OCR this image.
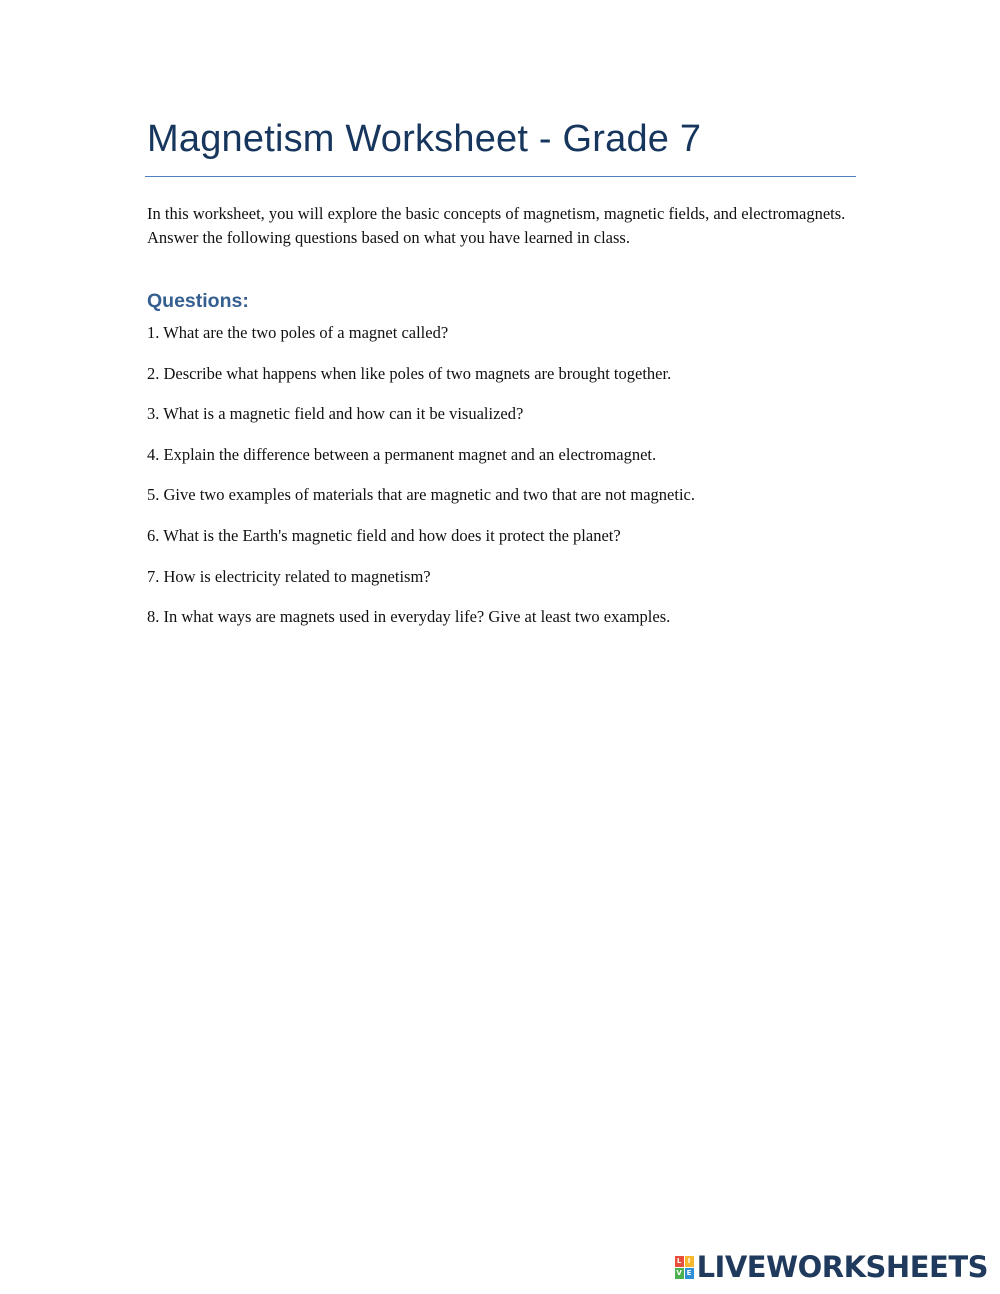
Magnetism Worksheet - Grade 7

In this worksheet, you will explore the basic concepts of magnetism, magnetic fields, and electromagnets. Answer the following questions based on what you have learned in class.

Questions:
1. What are the two poles of a magnet called?
2. Describe what happens when like poles of two magnets are brought together.
3. What is a magnetic field and how can it be visualized?
4. Explain the difference between a permanent magnet and an electromagnet.
5. Give two examples of materials that are magnetic and two that are not magnetic.
6. What is the Earth's magnetic field and how does it protect the planet?
7. How is electricity related to magnetism?
8. In what ways are magnets used in everyday life? Give at least two examples.
L I
V E LIVEWORKSHEETS
